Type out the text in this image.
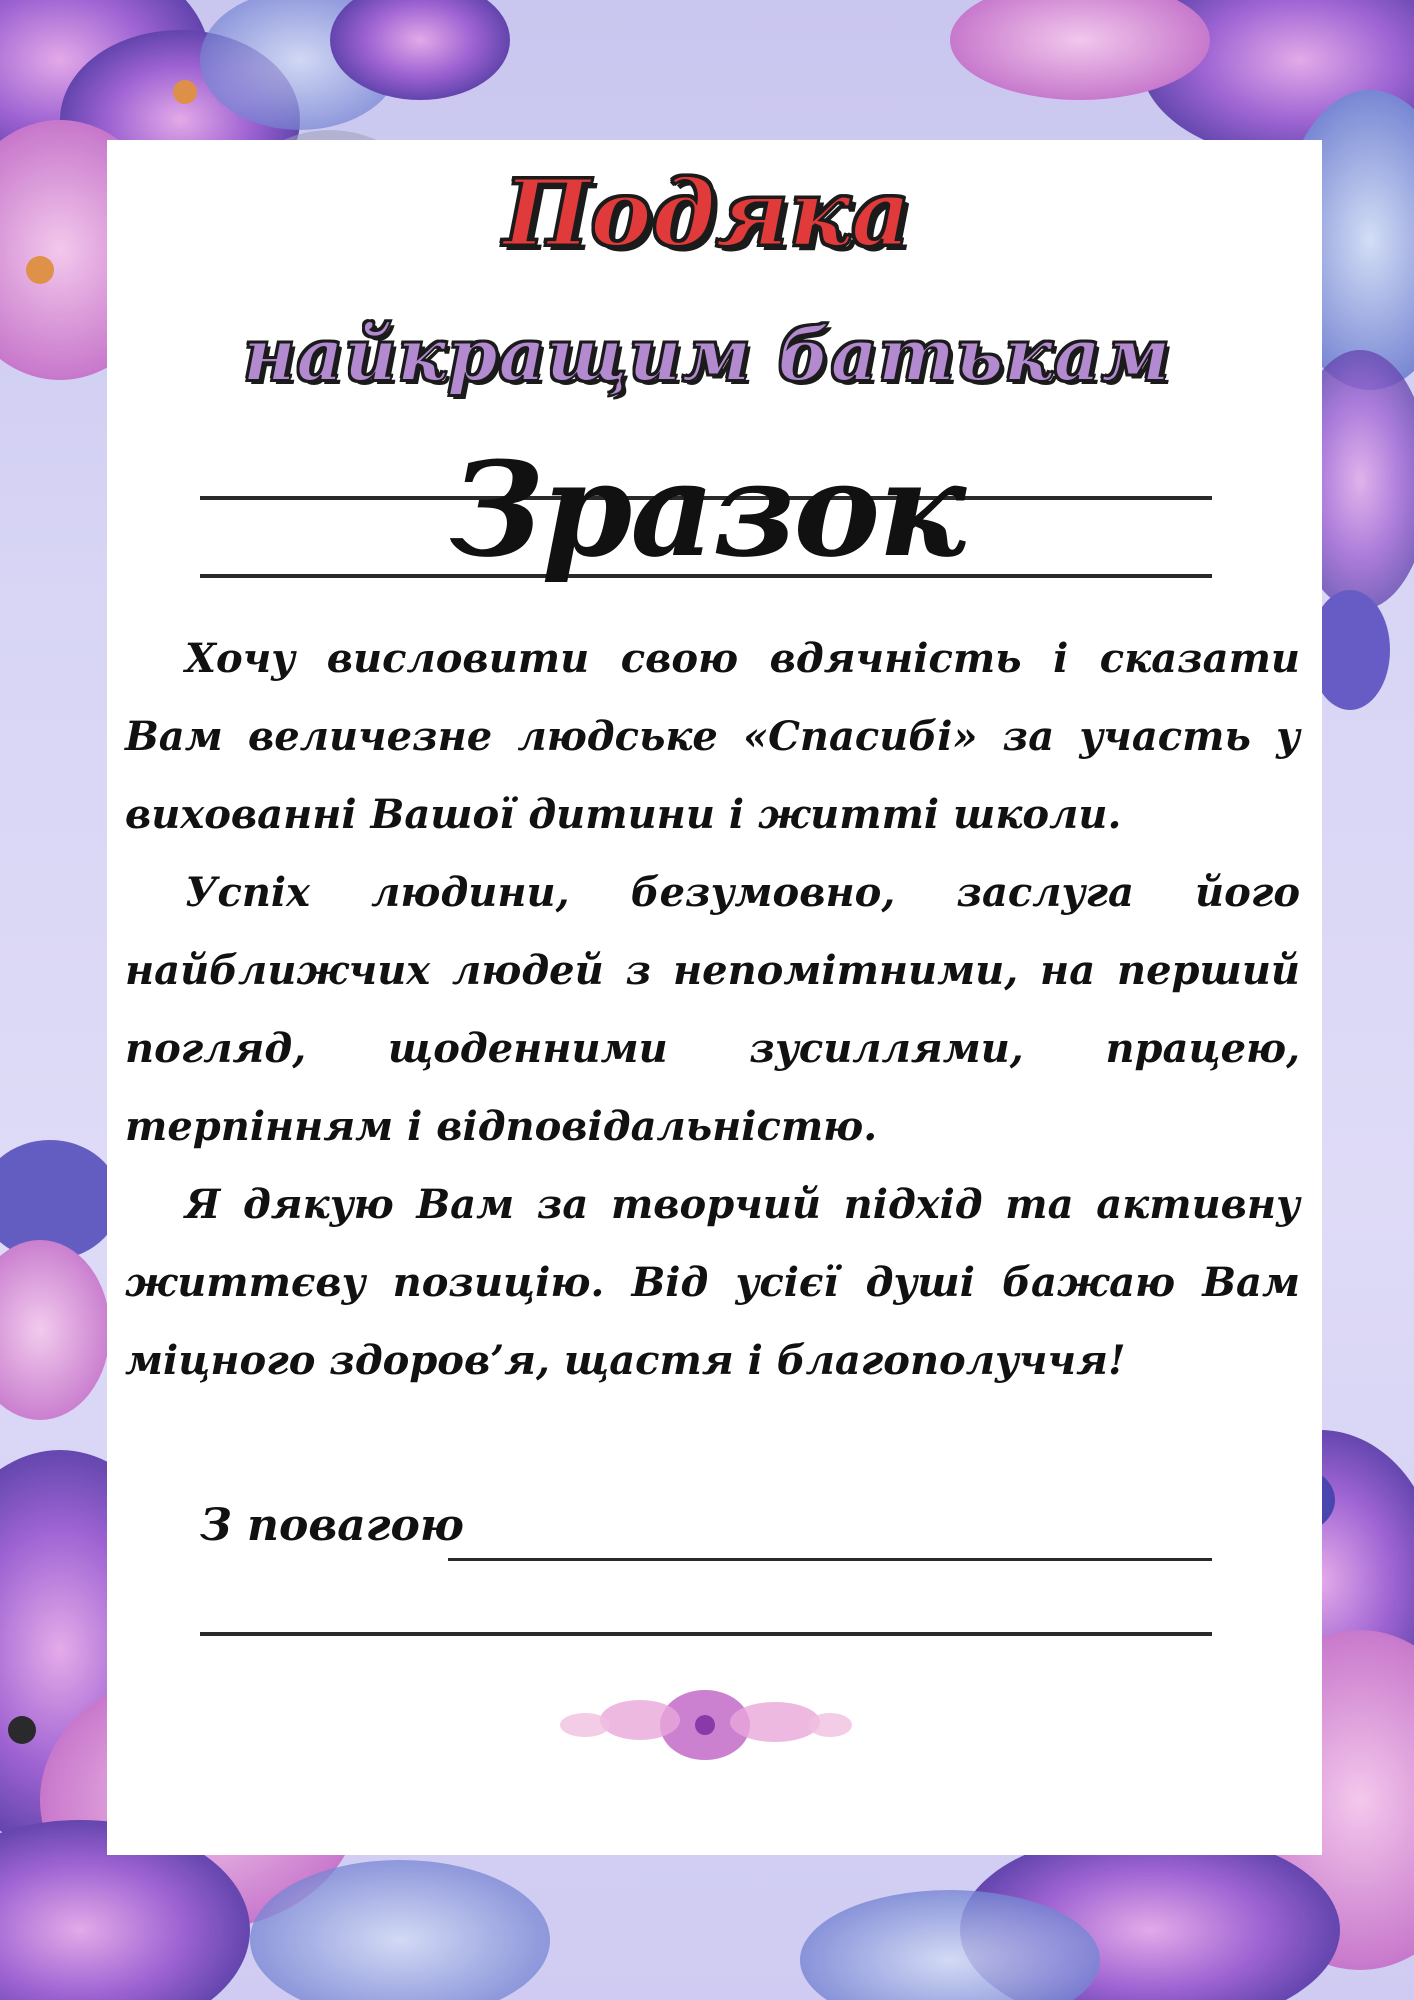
Подяка
найкращим батькам
Зразок

Хочу висловити свою вдячність і сказати Вам величезне людське «Спасибі» за участь у вихованні Вашої дитини і житті школи.

Успіх людини, безумовно, заслуга його найближчих людей з непомітними, на перший погляд, щоденними зусиллями, працею, терпінням і відповідальністю.

Я дякую Вам за творчий підхід та активну життєву позицію. Від усієї душі бажаю Вам міцного здоров’я, щастя і благополуччя!

З повагою
